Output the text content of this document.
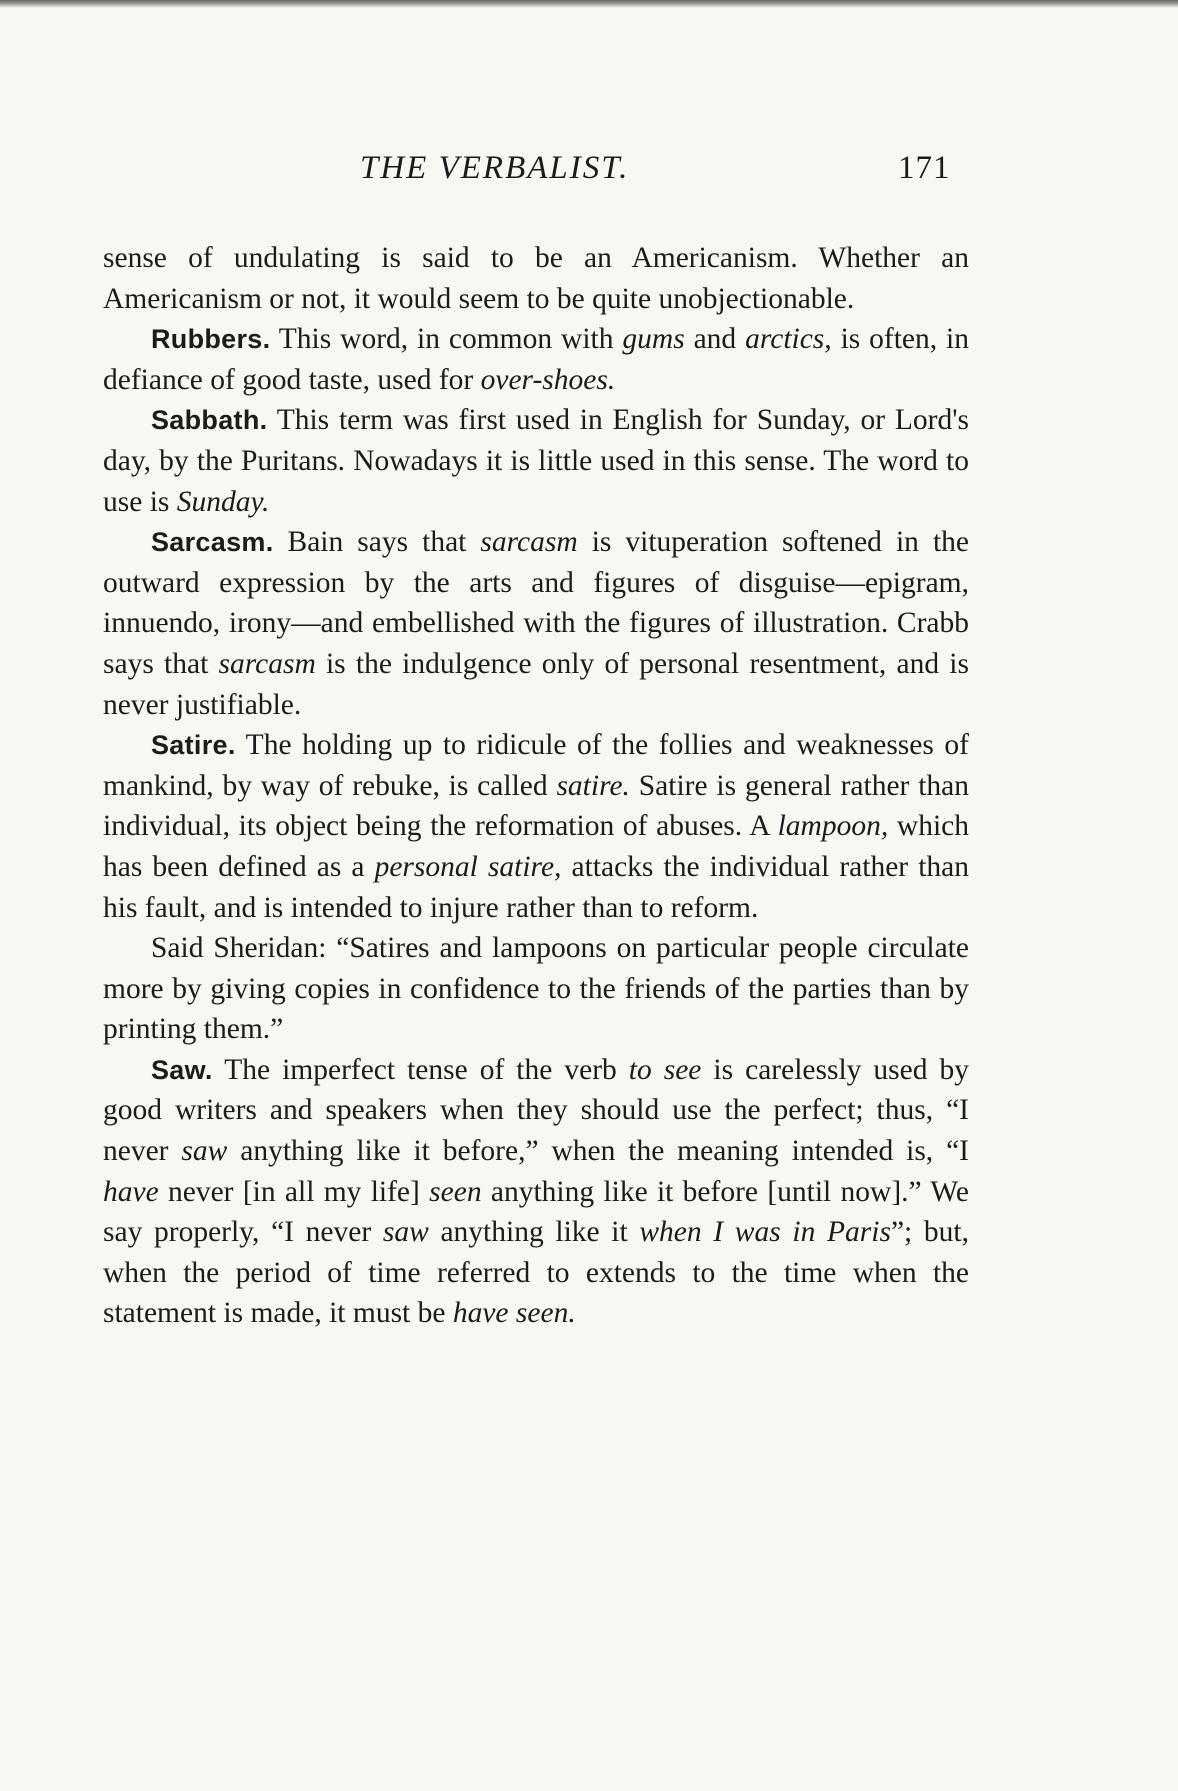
THE VERBALIST.	171

sense of undulating is said to be an Americanism. Whether an Americanism or not, it would seem to be quite unobjectionable.

Rubbers. This word, in common with gums and arctics, is often, in defiance of good taste, used for over-shoes.

Sabbath. This term was first used in English for Sunday, or Lord's day, by the Puritans. Nowadays it is little used in this sense. The word to use is Sunday.

Sarcasm. Bain says that sarcasm is vituperation softened in the outward expression by the arts and figures of disguise—epigram, innuendo, irony—and embellished with the figures of illustration. Crabb says that sarcasm is the indulgence only of personal resentment, and is never justifiable.

Satire. The holding up to ridicule of the follies and weaknesses of mankind, by way of rebuke, is called satire. Satire is general rather than individual, its object being the reformation of abuses. A lampoon, which has been defined as a personal satire, attacks the individual rather than his fault, and is intended to injure rather than to reform.

Said Sheridan: “Satires and lampoons on particular people circulate more by giving copies in confidence to the friends of the parties than by printing them.”

Saw. The imperfect tense of the verb to see is carelessly used by good writers and speakers when they should use the perfect; thus, “I never saw anything like it before,” when the meaning intended is, “I have never [in all my life] seen anything like it before [until now].” We say properly, “I never saw anything like it when I was in Paris”; but, when the period of time referred to extends to the time when the statement is made, it must be have seen.
